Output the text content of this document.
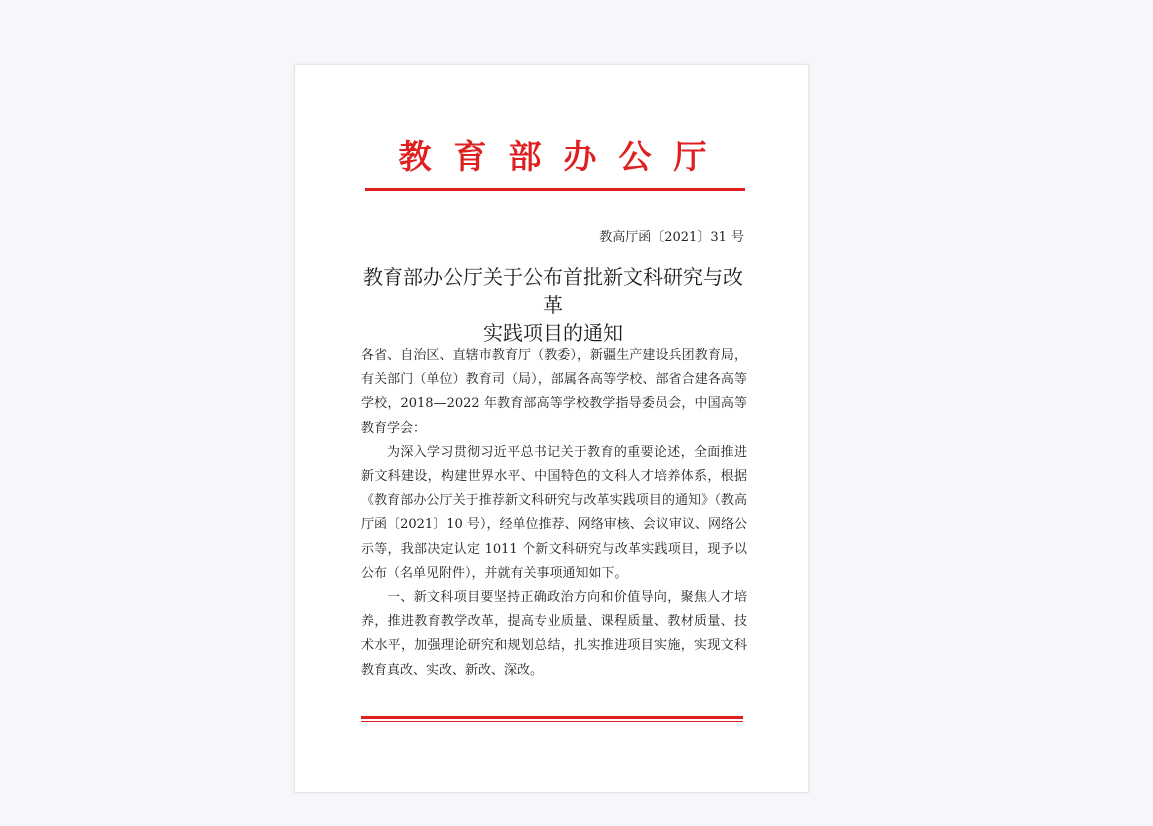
教育部办公厅
教高厅函〔2021〕31 号
教育部办公厅关于公布首批新文科研究与改革
实践项目的通知

各省、自治区、直辖市教育厅（教委），新疆生产建设兵团教育局，有关部门（单位）教育司（局），部属各高等学校、部省合建各高等学校，2018—2022 年教育部高等学校教学指导委员会，中国高等教育学会：

为深入学习贯彻习近平总书记关于教育的重要论述，全面推进新文科建设，构建世界水平、中国特色的文科人才培养体系，根据《教育部办公厅关于推荐新文科研究与改革实践项目的通知》（教高厅函〔2021〕10 号），经单位推荐、网络审核、会议审议、网络公示等，我部决定认定 1011 个新文科研究与改革实践项目，现予以公布（名单见附件），并就有关事项通知如下。

一、新文科项目要坚持正确政治方向和价值导向，聚焦人才培养，推进教育教学改革，提高专业质量、课程质量、教材质量、技术水平，加强理论研究和规划总结，扎实推进项目实施，实现文科教育真改、实改、新改、深改。
